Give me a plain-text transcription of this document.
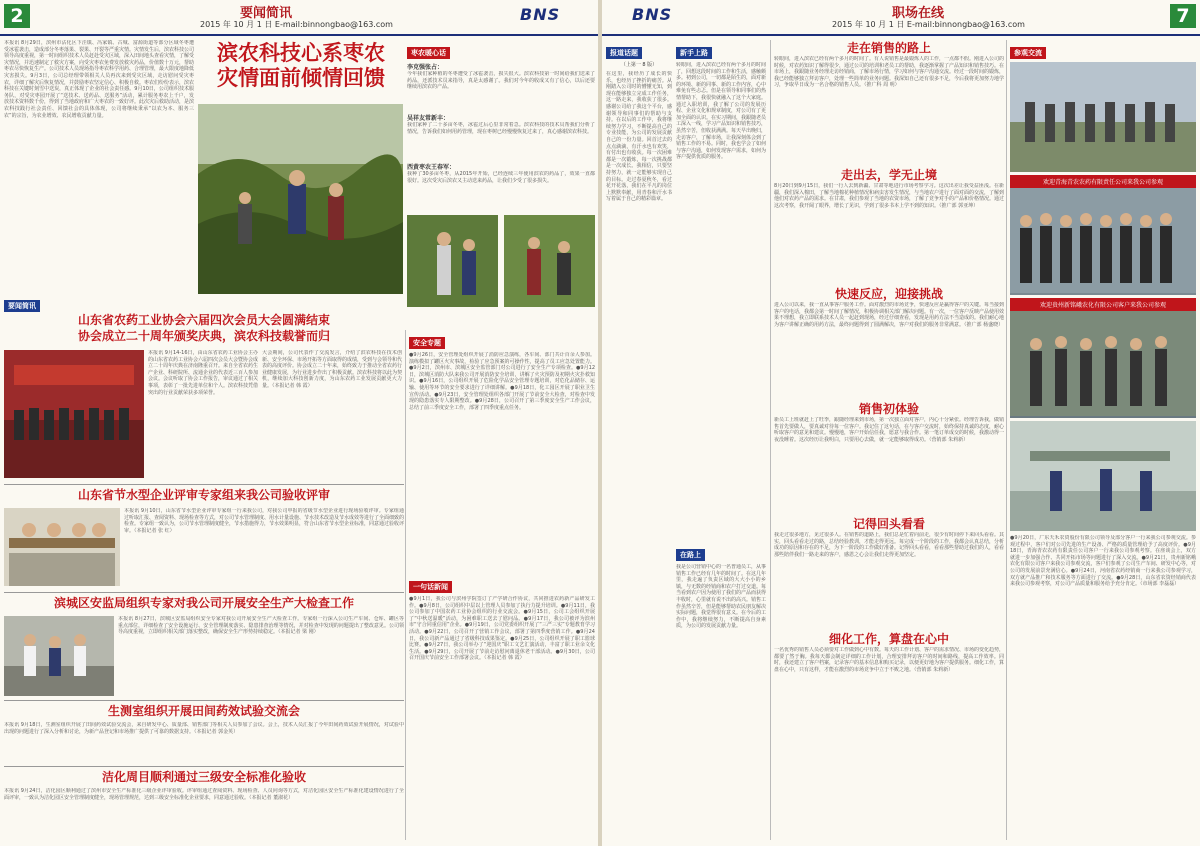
2	要闻简讯
2015 年 10 月 1 日 E-mail:binnongbao@163.com
BNS
本报讯 8月29日，滨州市沾化区下洼镇、冯家镇、古城、富源街道等部分区域冬枣遭受冰雹袭击，造成部分冬枣落果、裂果、开裂等严重灾情。灾情发生后，滨农科技公司领导高度重视，第一时间组织技术人员赶赴受灾区域，深入田间地头查看灾情，了解受灾情况，并迅速制定了救灾方案，向受灾枣农免费发放救灾药品，价值数十万元，帮助枣农尽快恢复生产。公司技术人员现场指导枣农科学用药、合理管理，最大限度地降低灾害损失。9月3日，公司总经理带领相关人员再次来到受灾区域，走访慰问受灾枣农，详细了解灾后恢复情况，并鼓励枣农坚定信心、积极自救。枣农们纷纷表示，滨农科技在关键时刻雪中送炭，真正体现了企业的社会责任感。9月10日，公司组织技术服务队，对受灾枣园开展了“送技术、送药品、送服务”活动，累计服务枣农上千户，发放技术资料数千份，得到了当地政府和广大枣农的一致好评。此次灾后救助活动，是滨农科技践行社会责任、回馈社会的具体体现，公司将继续秉承“以农为本、服务三农”的宗旨，为农业增效、农民增收贡献力量。
滨农科技心系枣农
灾情面前倾情回馈
枣农暖心话
李克强张占：
今年我们家种植的冬枣遭受了冰雹袭击，损失很大。滨农科技第一时间给我们送来了药品，还派技术员来指导，真是太感谢了。我们对今年的收成又有了信心，以后还要继续用滨农的产品。
吴祥友常新丰：
我们家种了二十多亩冬枣，冰雹过后心里非常着急。滨农科技的技术员帮我们分析了情况，告诉我们如何用药管理，现在枣树已经慢慢恢复过来了，真心感谢滨农科技。
西黄枣农王春军：
我种了30多亩冬枣，从2015年开始，已经连续三年使用滨农的药品了，效果一直都很好。这次受灾后滨农又主动送来药品，让我们少受了很多损失。
要闻简讯
山东省农药工业协会六届四次会员大会圆满结束
协会成立二十周年颁奖庆典，滨农科技载誉而归
本报讯 9月14-16日，由山东省农药工业协会主办的山东省农药工业协会六届四次会员大会暨协会成立二十周年庆典在济南隆重召开。来自全省农药生产企业、科研院所、流通企业的代表近三百人参加会议。会议听取了协会工作报告，审议通过了相关事项，表彰了一批先进单位和个人。滨农科技凭借突出的行业贡献荣获多项荣誉。
大会期间，公司代表作了交流发言，介绍了滨农科技在技术创新、安全环保、市场开拓等方面取得的成绩，受到与会领导和代表的高度评价。协会成立二十年来，始终致力于推动全省农药行业健康发展，为行业进步作出了积极贡献。滨农科技将以此为契机，继续加大科技创新力度，为山东农药工业发展贡献更大力量。（本报记者 韩 霞）
山东省节水型企业评审专家组来我公司验收评审
本报讯 9月10日，山东省节水型企业评审专家组一行来我公司，对我公司申报的省级节水型企业进行现场验收评审。专家组通过听取汇报、查阅资料、现场检查等方式，对公司节水管理制度、用水计量设施、节水技术改造及节水成效等进行了全面细致的检查。专家组一致认为，公司节水管理制度健全，节水措施得力，节水效果明显，符合山东省节水型企业标准，同意通过验收评审。（本报记者 张 红）
滨城区安监局组织专家对我公司开展安全生产大检查工作
本报讯 8月27日，滨城区安监局组织安全专家对我公司开展安全生产大检查工作。专家组一行深入公司生产车间、仓库、罐区等重点部位，详细检查了安全设施运行、安全管理制度落实、隐患排查治理等情况，并对检查中发现的问题提出了整改意见。公司领导高度重视，立即组织相关部门落实整改，确保安全生产形势持续稳定。（本报记者 梁 刚）
生测室组织开展田间药效试验交流会
本报讯 9月18日，生测室组织开展了田间药效试验交流会，来自研发中心、质量部、销售部门等相关人员参加了会议。会上，技术人员汇报了今年田间药效试验开展情况，对试验中出现的问题进行了深入分析和讨论，为新产品登记和市场推广提供了可靠的数据支持。（本报记者 郭金英）
洁化周目顺利通过三级安全标准化验收
本报讯 9月24日，洁化园区顺利通过了滨州市安全生产标准化三级企业评审验收。评审组通过查阅资料、现场检查、人员问询等方式，对洁化园区安全生产标准化建设情况进行了全面评审，一致认为洁化园区安全管理制度健全，现场管理规范，达到三级安全标准化企业要求，同意通过验收。（本报记者 董淑花）
安全专题
●9月26日，安全管理处组织开展了消防应急演练，各车间、部门共计百余人参加。演练模拟了罐区火灾事故，检验了应急预案的可操作性，提高了员工应急处置能力。●9月2日，滨州市、滨城区安全监管部门对公司进行了安全生产专项检查。●9月12日，滨城区消防大队来我公司开展消防安全培训，讲解了火灾预防及初期火灾扑救知识。●9月16日，公司组织开展了危险化学品安全管理专题培训，对危化品储存、运输、使用等环节的安全要求进行了详细讲解。●9月18日，化工园区开展了职业卫生宣传活动。●9月23日，安全管理处组织各部门开展了节前安全大检查，对检查中发现的隐患落实专人限期整改。●9月28日，公司召开了第三季度安全生产工作会议，总结了前三季度安全工作，部署了四季度重点任务。
一句话新闻
●9月1日，我公司与滨州学院签订了产学研合作协议，共同推进农药新产品研发工作。●9月8日，公司组织中层以上管理人员参加了执行力提升培训。●9月11日，我公司参加了中国农药工业协会组织的行业交流会。●9月15日，公司工会组织开展了“中秋送温暖”活动，为困难职工送去了慰问品。●9月17日，我公司被评为滨州市“守合同重信用”企业。●9月19日，公司党委组织开展了“三严三实”专题教育学习活动。●9月22日，公司召开了营销工作会议，部署了第四季度营销工作。●9月24日，我公司新产品通过了省级科技成果鉴定。●9月25日，公司组织开展了职工篮球比赛。●9月27日，我公司举办了“迎国庆”职工文艺汇演活动，丰富了职工业余文化生活。●9月29日，公司开展了节前走访慰问离退休老干部活动。●9月30日，公司召开国庆节前安全工作部署会议。（本报记者 韩 霞）
BNS	职场在线
2015 年 10 月 1 日 E-mail:binnongbao@163.com	7
报道话题
（上第一 8 版）
在这里，我经历了成长的快乐，也经历了挫折的痛苦。从刚踏入公司时的懵懂无知，到现在能够独立完成工作任务，这一路走来，我收获了很多。感谢公司给了我这个平台，感谢领导和同事们的帮助与支持。在以后的工作中，我将继续努力学习，不断提高自己的专业技能，为公司的发展贡献自己的一份力量。回首过去的点点滴滴，有汗水也有欢笑，有付出也有收获。每一次困难都是一次锻炼，每一次挑战都是一次成长。我相信，只要坚持努力，就一定能够实现自己的目标。走过春夏秋冬，看过花开花落，我们在平凡的岗位上默默奉献，用青春和汗水书写着属于自己的精彩篇章。
新手上路
转眼间，进入滨农已经有两个多月的时间了，回想这段时间的工作和生活，感触颇多。初到公司，一切都是陌生的，面对新的环境、新的同事、新的工作内容，心中难免有些忐忑。但是在领导和同事们的热情帮助下，我很快就融入了这个大家庭。通过入职培训，我了解了公司的发展历程、企业文化和规章制度，对公司有了更加全面的认识。在实习期间，我跟随老员工深入一线，学习产品知识和销售技巧，虽然辛苦，但收获满满。每天早出晚归，走访客户，了解市场，让我深刻体会到了销售工作的不易。同时，我也学会了如何与客户沟通，如何发现客户需求，如何为客户提供优质的服务。
在路上
我是公司营销中心的一名普通员工，从事销售工作已经有几年的时间了。在这几年里，我走遍了负责区域的大大小小的乡镇，与无数的经销商和农户打过交道。每当看到农户因为使用了我们的产品而获得丰收时，心里就有说不出的高兴。销售工作虽然辛苦，但是能够帮助农民朋友解决实际问题，我觉得很有意义。在今后的工作中，我将继续努力，不断提高自身素质，为公司的发展贡献力量。
走在销售的路上
转眼间，进入滨农已经有两个多月的时间了。有人说销售是最锻炼人的工作，一点都不假。刚进入公司的时候，对农药知识了解得很少，通过公司的培训和老员工的帮助，我逐渐掌握了产品知识和销售技巧。在市场上，我跟随业务经理走访经销商，了解市场行情，学习如何与客户沟通交流。经过一段时间的锻炼，我已经能够独立拜访客户，处理一些简单的业务问题。我深知自己还有很多不足，今后我将更加努力地学习，争取早日成为一名合格的销售人员。（推广科 周 明）
走出去，学无止境
8月20日到9月15日，我们一行人去到新疆、甘肃等地进行市场考察学习。这次出差让我受益匪浅。在新疆，我们深入棉田，了解当地棉花种植情况和病虫害发生情况，与当地农户进行了面对面的交流，了解到他们对农药产品的需求。在甘肃，我们参观了当地的农资市场，了解了竞争对手的产品和价格情况。通过这次考察，我开阔了眼界，增长了见识，学到了很多书本上学不到的知识。（推广部 郭亚坤）
快速反应，迎接挑战
进入公司以来，我一直从事客户服务工作。面对激烈的市场竞争，快速反应是赢得客户的关键。每当接到客户的电话，我都会第一时间了解情况，积极协调相关部门解决问题。有一次，一位客户反映产品使用效果不理想，我立即联系技术人员一起赶到现场，经过仔细查看，发现是用药方法不当造成的。我们耐心地为客户讲解正确的用药方法，最终问题得到了圆满解决，客户对我们的服务非常满意。（推广部 杨盛晓）
销售初体验
新员工上班就赶上了旺季，跟随经理来到市场，第一次独立面对客户，内心十分紧张。经理告诉我，做销售首先要做人，要真诚对待每一位客户。我记住了这句话，在与客户交流时，始终保持真诚的态度，耐心听取客户的意见和建议。慢慢地，客户开始信任我，愿意与我合作。第一笔订单成交的时候，我激动得一夜没睡着。这次经历让我明白，只要用心去做，就一定能够取得成功。（营销部 朱莉新）
记得回头看看
我走过很多地方，见过很多人。在销售的道路上，我们总是忙着向前走，很少有时间停下来回头看看。其实，回头看看走过的路，总结经验教训，才能走得更远。每完成一个阶段的工作，我都会认真总结，分析成功的原因和存在的不足，为下一阶段的工作做好准备。记得回头看看，看看那些帮助过我们的人，看看那些陪伴我们一路走来的客户，感恩之心会让我们走得更加坚定。
细化工作，算盘在心中
一名优秀的销售人员必须要对工作做到心中有数。每天的工作计划、客户的需求情况、市场的变化趋势，都要了然于胸。我每天都会制定详细的工作计划，合理安排拜访客户的时间和路线，提高工作效率。同时，我还建立了客户档案，记录客户的基本信息和购买记录，以便更好地为客户提供服务。细化工作，算盘在心中，只有这样，才能在激烈的市场竞争中立于不败之地。（营销部 朱莉新）
参观交流
欢迎青海青农农药有限责任公司来我公司参观
欢迎贵州新铭峨农化有限公司客户来我公司参观
●9月20日，广东天禾农资股份有限公司领导及部分客户一行来我公司参观交流。参观过程中，客户们对公司先进的生产设备、严格的质量管理给予了高度评价。●9月18日，青海青农农药有限责任公司客户一行来我公司参观考察。在座谈会上，双方就进一步加强合作、共同开拓市场等问题进行了深入交流。●9月21日，贵州新铭峨农化有限公司客户来我公司参观交流，客户们参观了公司生产车间、研发中心等，对公司的发展前景充满信心。●9月24日，河南省农药经销商一行来我公司参观学习，双方就产品推广和技术服务等方面进行了交流。●9月28日，山东省农资经销商代表来我公司参观考察，对公司产品质量和服务给予充分肯定。（市场部 李磊磊）
